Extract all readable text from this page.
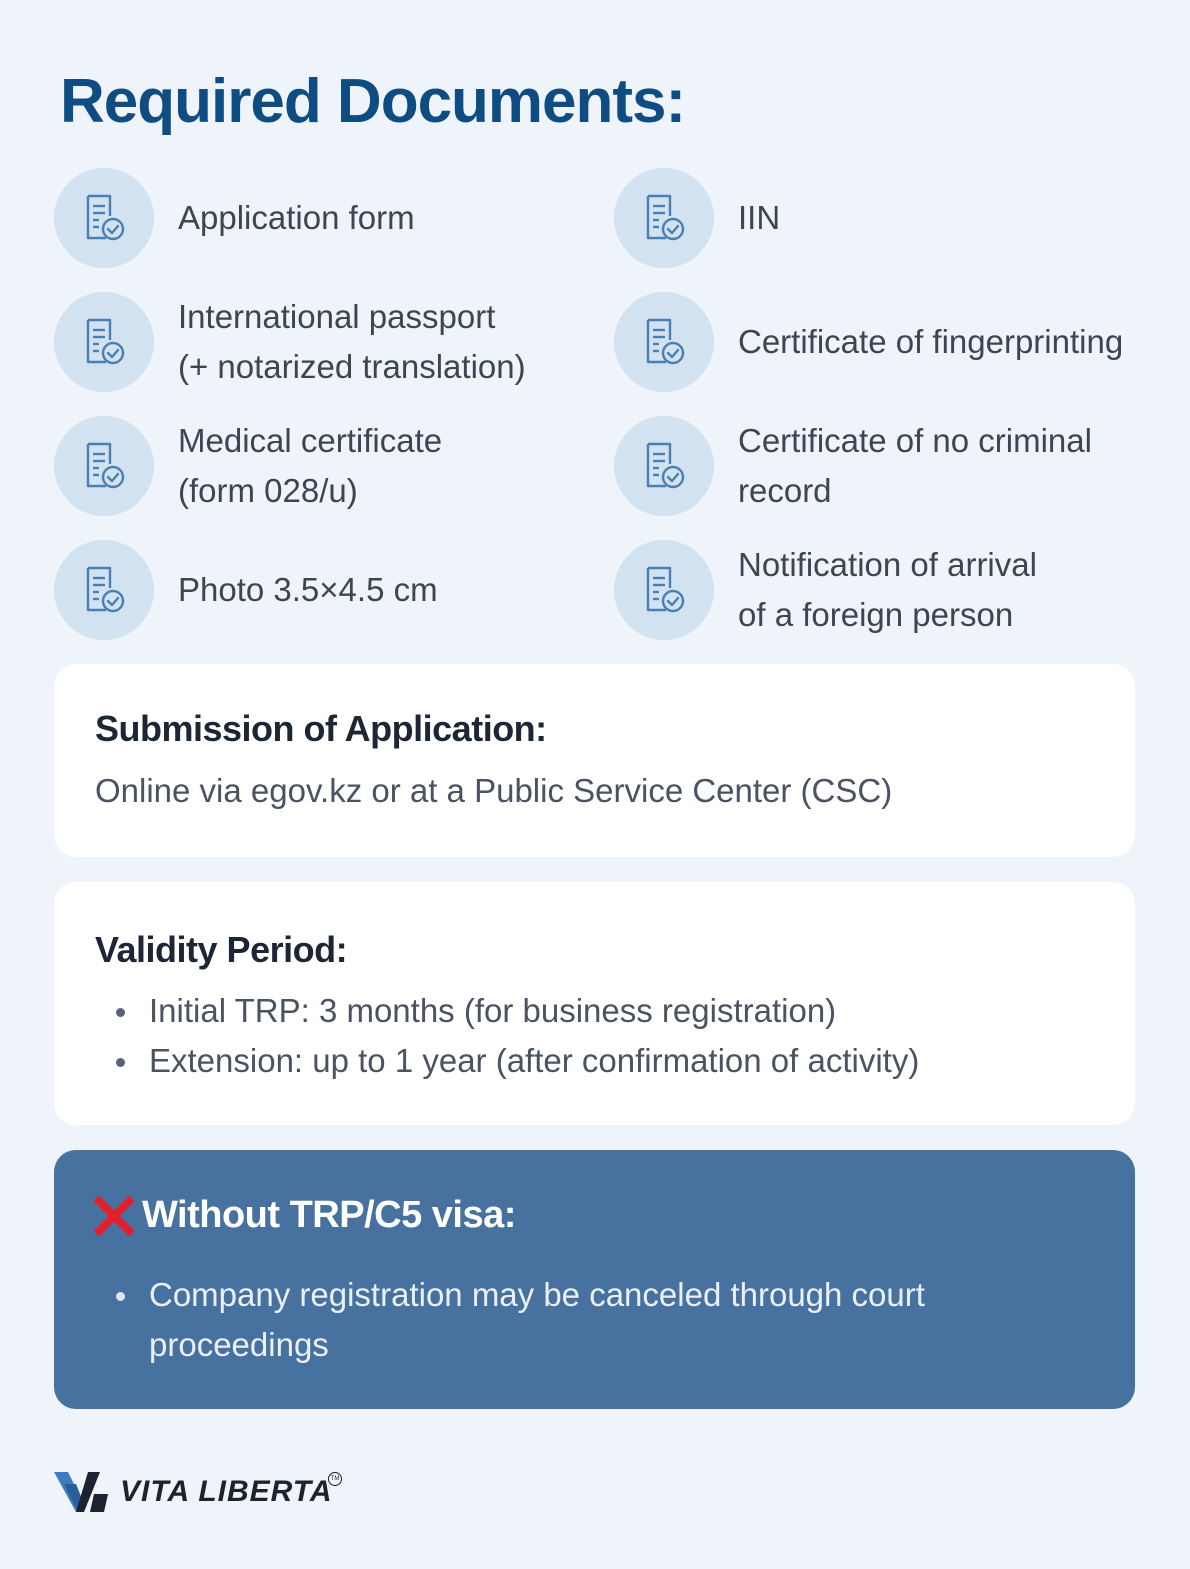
Required Documents:
Application form	IIN
International passport
(+ notarized translation)
Certificate of fingerprinting
Medical certificate
(form 028/u)
Certificate of no criminal
record
Photo 3.5×4.5 cm
Notification of arrival
of a foreign person
Submission of Application:
Online via egov.kz or at a Public Service Center (CSC)
Validity Period:
Initial TRP: 3 months (for business registration)
Extension: up to 1 year (after confirmation of activity)
Without TRP/C5 visa:
Company registration may be canceled through court proceedings
VITA LIBERTA
TM
